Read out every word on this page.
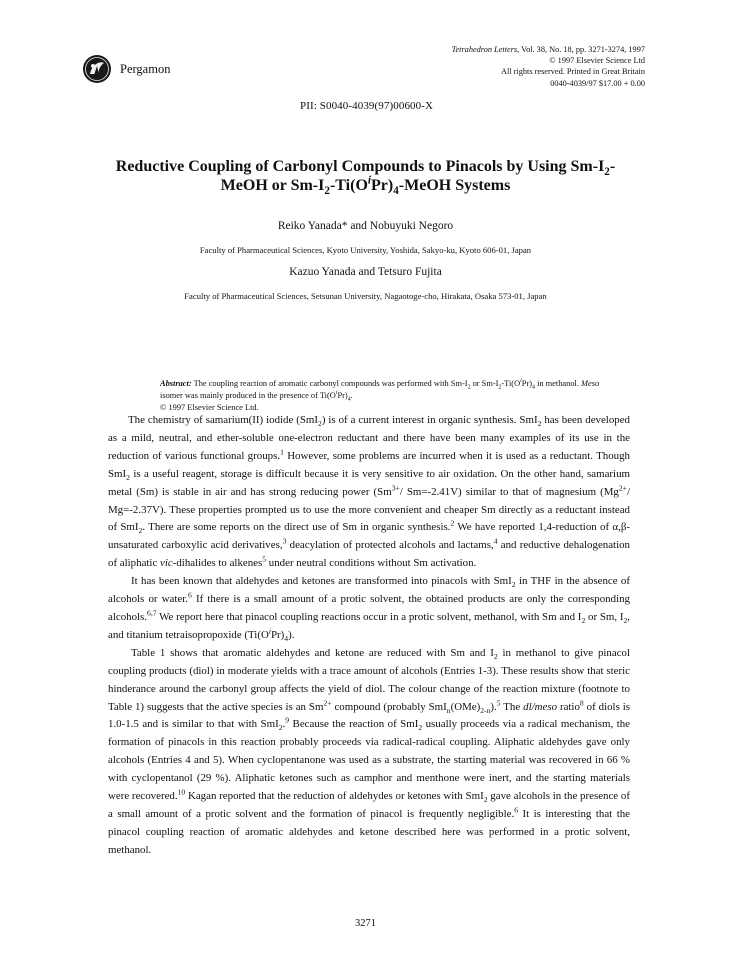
Pergamon
Tetrahedron Letters, Vol. 38, No. 18, pp. 3271-3274, 1997
© 1997 Elsevier Science Ltd
All rights reserved. Printed in Great Britain
0040-4039/97 $17.00 + 0.00
PII: S0040-4039(97)00600-X
Reductive Coupling of Carbonyl Compounds to Pinacols by Using $Sm-I_2-$
MeOH or $Sm-I_2-Ti(O^iPr)_4$-MeOH Systems
Reiko Yanada* and Nobuyuki Negoro
Faculty of Pharmaceutical Sciences, Kyoto University, Yoshida, Sakyo-ku, Kyoto 606-01, Japan
Kazuo Yanada and Tetsuro Fujita
Faculty of Pharmaceutical Sciences, Setsunan University, Nagaotoge-cho, Hirakata, Osaka 573-01, Japan
Abstract: The coupling reaction of aromatic carbonyl compounds was performed with $Sm-I_2$ or $Sm-I_2-Ti(O^iPr)_4$ in methanol. Meso isomer was mainly produced in the presence of $Ti(O^iPr)_4$.
© 1997 Elsevier Science Ltd.

The chemistry of samarium(II) iodide (SmI$_2$) is of a current interest in organic synthesis. SmI$_2$ has been developed as a mild, neutral, and ether-soluble one-electron reductant and there have been many examples of its use in the reduction of various functional groups.$^1$ However, some problems are incurred when it is used as a reductant. Though SmI$_2$ is a useful reagent, storage is difficult because it is very sensitive to air oxidation. On the other hand, samarium metal (Sm) is stable in air and has strong reducing power ($Sm^{3+}/$ Sm=-2.41V) similar to that of magnesium ($Mg^{2+}/$ Mg=-2.37V). These properties prompted us to use the more convenient and cheaper Sm directly as a reductant instead of SmI$_2$. There are some reports on the direct use of Sm in organic synthesis.$^2$ We have reported 1,4-reduction of α,β-unsaturated carboxylic acid derivatives,$^3$ deacylation of protected alcohols and lactams,$^4$ and reductive dehalogenation of aliphatic vic-dihalides to alkenes$^5$ under neutral conditions without Sm activation.

It has been known that aldehydes and ketones are transformed into pinacols with SmI$_2$ in THF in the absence of alcohols or water.$^6$ If there is a small amount of a protic solvent, the obtained products are only the corresponding alcohols.$^{6,7}$ We report here that pinacol coupling reactions occur in a protic solvent, methanol, with Sm and $I_2$ or Sm, $I_2$, and titanium tetraisopropoxide $(Ti(O^iPr)_4)$.

Table 1 shows that aromatic aldehydes and ketone are reduced with Sm and $I_2$ in methanol to give pinacol coupling products (diol) in moderate yields with a trace amount of alcohols (Entries 1-3). These results show that steric hinderance around the carbonyl group affects the yield of diol. The colour change of the reaction mixture (footnote to Table 1) suggests that the active species is an $Sm^{2+}$ compound (probably $SmI_n(OMe)_{2-n}).^5$ The dl/meso ratio$^8$ of diols is 1.0-1.5 and is similar to that with SmI$_2$.$^9$ Because the reaction of SmI$_2$ usually proceeds via a radical mechanism, the formation of pinacols in this reaction probably proceeds via radical-radical coupling. Aliphatic aldehydes gave only alcohols (Entries 4 and 5). When cyclopentanone was used as a substrate, the starting material was recovered in 66 % with cyclopentanol (29 %). Aliphatic ketones such as camphor and menthone were inert, and the starting materials were recovered.$^{10}$ Kagan reported that the reduction of aldehydes or ketones with SmI$_2$ gave alcohols in the presence of a small amount of a protic solvent and the formation of pinacol is frequently negligible.$^6$ It is interesting that the pinacol coupling reaction of aromatic aldehydes and ketone described here was performed in a protic solvent, methanol.

3271
